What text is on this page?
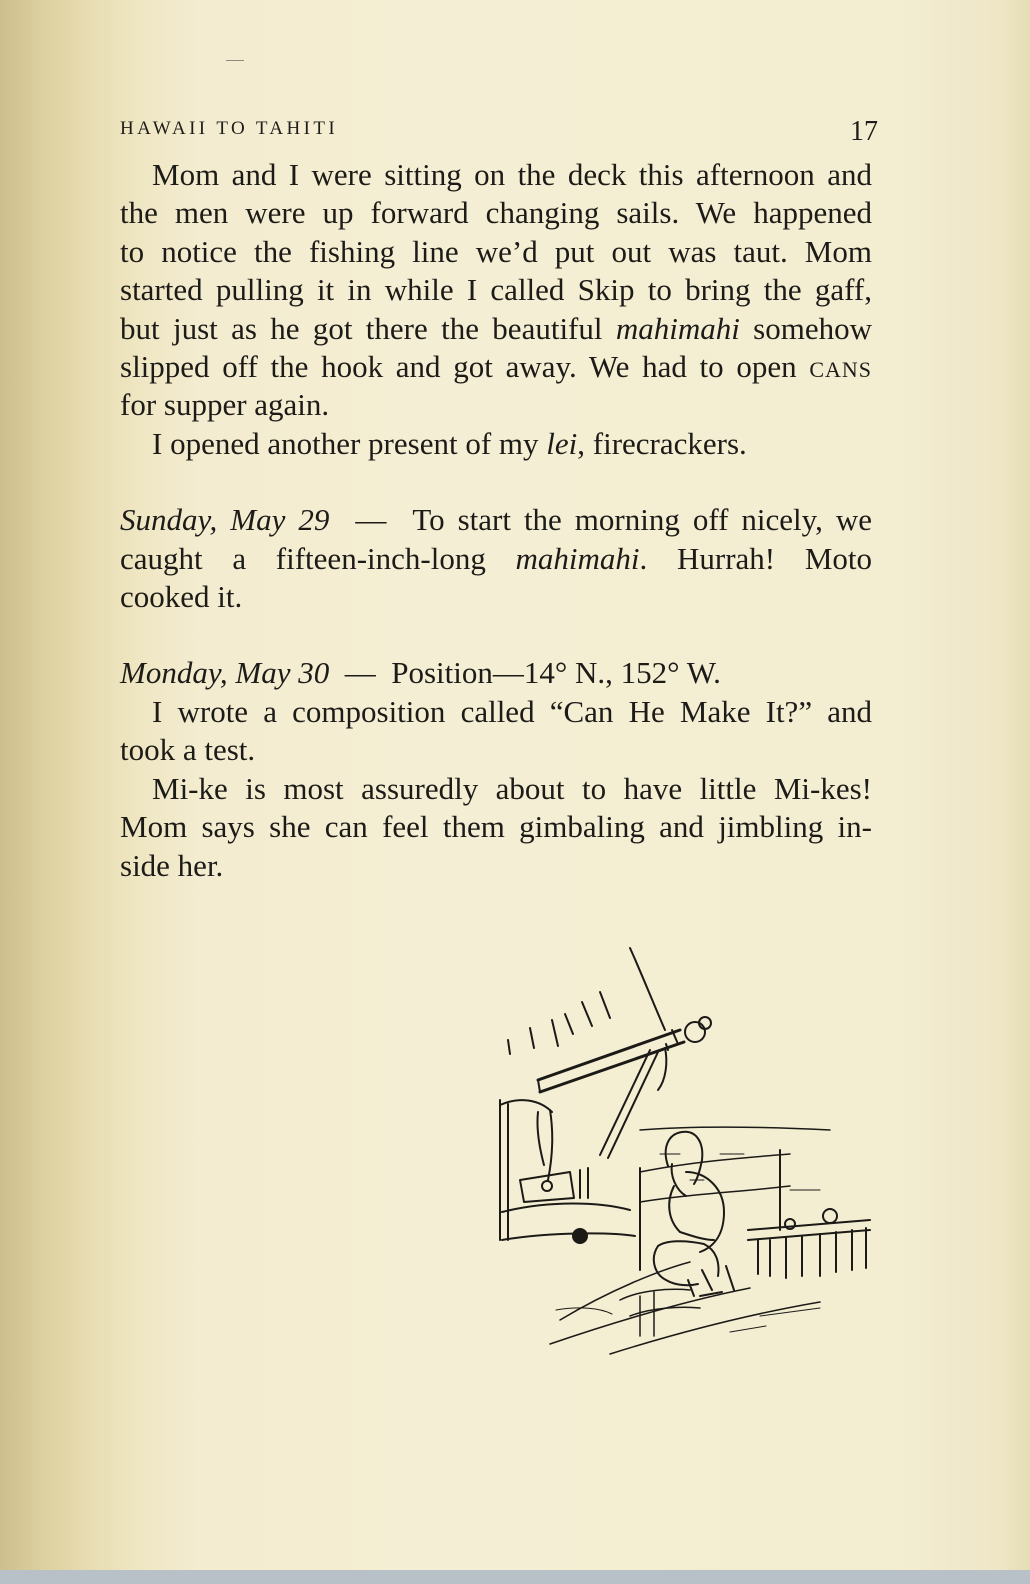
HAWAII TO TAHITI	17
Mom and I were sitting on the deck this afternoon and
the men were up forward changing sails. We happened
to notice the fishing line we’d put out was taut. Mom
started pulling it in while I called Skip to bring the gaff,
but just as he got there the beautiful mahimahi somehow
slipped off the hook and got away. We had to open cans
for supper again.
I opened another present of my lei, firecrackers.
Sunday, May 29 — To start the morning off nicely, we
caught a fifteen-inch-long mahimahi. Hurrah! Moto
cooked it.
Monday, May 30 — Position—14° N., 152° W.
I wrote a composition called “Can He Make It?” and
took a test.
Mi-ke is most assuredly about to have little Mi-kes!
Mom says she can feel them gimbaling and jimbling in-
side her.
